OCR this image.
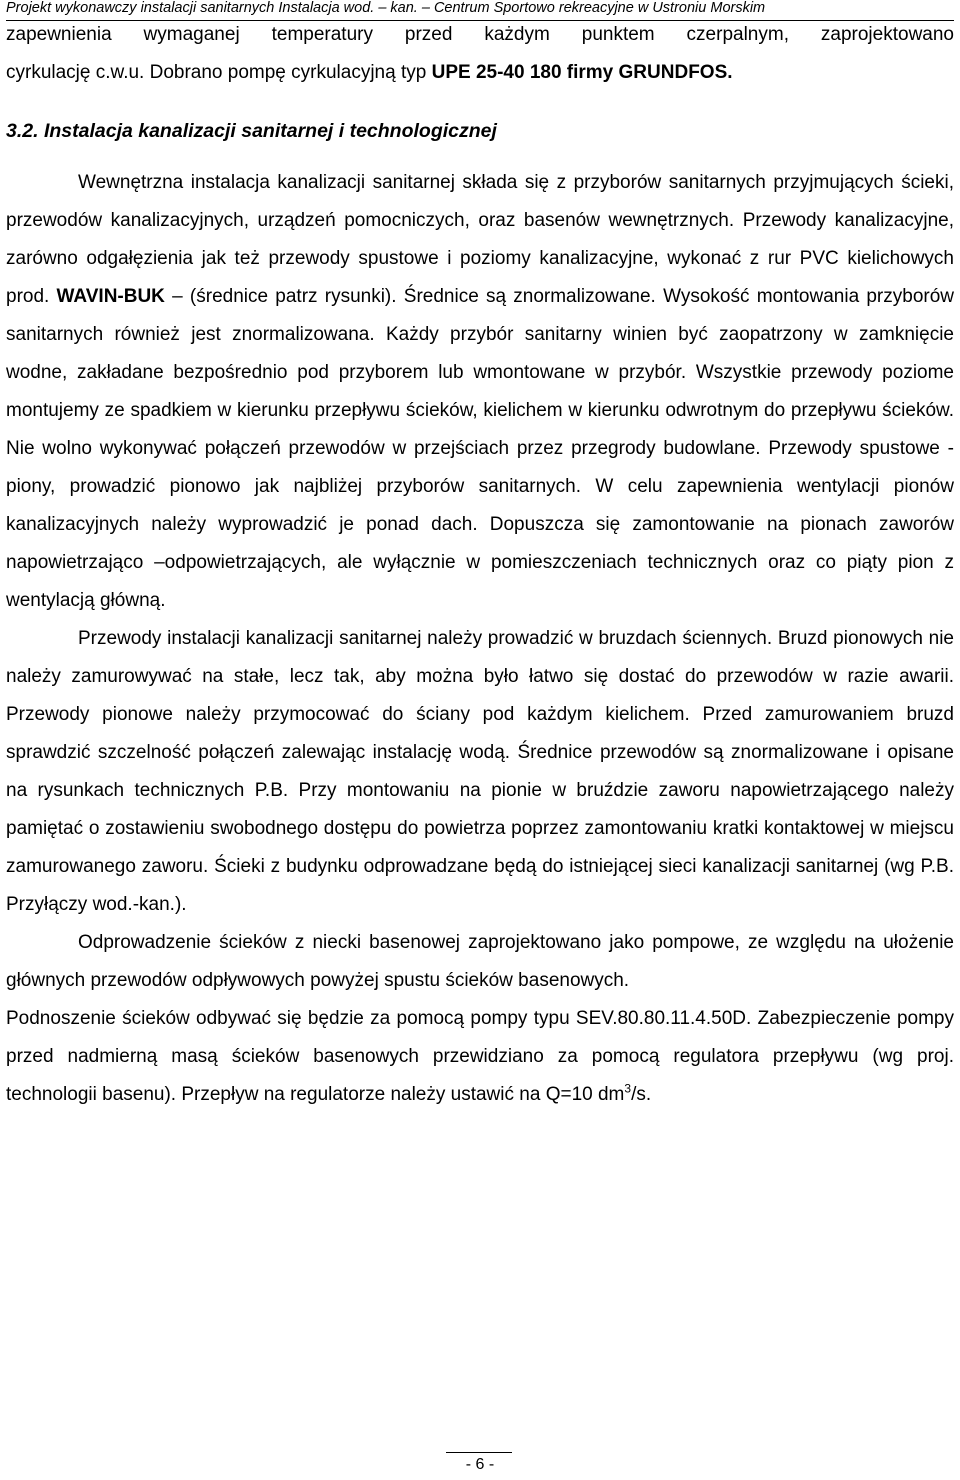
Projekt wykonawczy instalacji sanitarnych Instalacja wod. – kan. – Centrum Sportowo rekreacyjne w Ustroniu Morskim

zapewnienia wymaganej temperatury przed każdym punktem czerpalnym, zaprojektowano
cyrkulację c.w.u. Dobrano pompę cyrkulacyjną typ UPE 25-40 180 firmy GRUNDFOS.

3.2. Instalacja kanalizacji sanitarnej i technologicznej

Wewnętrzna instalacja kanalizacji sanitarnej składa się z przyborów sanitarnych przyjmujących ścieki, przewodów kanalizacyjnych, urządzeń pomocniczych, oraz basenów wewnętrznych. Przewody kanalizacyjne, zarówno odgałęzienia jak też przewody spustowe i poziomy kanalizacyjne, wykonać z rur PVC kielichowych prod. WAVIN-BUK – (średnice patrz rysunki). Średnice są znormalizowane. Wysokość montowania przyborów sanitarnych również jest znormalizowana. Każdy przybór sanitarny winien być zaopatrzony w zamknięcie wodne, zakładane bezpośrednio pod przyborem lub wmontowane w przybór. Wszystkie przewody poziome montujemy ze spadkiem w kierunku przepływu ścieków, kielichem w kierunku odwrotnym do przepływu ścieków. Nie wolno wykonywać połączeń przewodów w przejściach przez przegrody budowlane. Przewody spustowe - piony, prowadzić pionowo jak najbliżej przyborów sanitarnych. W celu zapewnienia wentylacji pionów kanalizacyjnych należy wyprowadzić je ponad dach. Dopuszcza się zamontowanie na pionach zaworów napowietrzająco –odpowietrzających, ale wyłącznie w pomieszczeniach technicznych oraz co piąty pion z wentylacją główną.

Przewody instalacji kanalizacji sanitarnej należy prowadzić w bruzdach ściennych. Bruzd pionowych nie należy zamurowywać na stałe, lecz tak, aby można było łatwo się dostać do przewodów w razie awarii. Przewody pionowe należy przymocować do ściany pod każdym kielichem. Przed zamurowaniem bruzd sprawdzić szczelność połączeń zalewając instalację wodą. Średnice przewodów są znormalizowane i opisane na rysunkach technicznych P.B. Przy montowaniu na pionie w bruździe zaworu napowietrzającego należy pamiętać o zostawieniu swobodnego dostępu do powietrza poprzez zamontowaniu kratki kontaktowej w miejscu zamurowanego zaworu. Ścieki z budynku odprowadzane będą do istniejącej sieci kanalizacji sanitarnej (wg P.B. Przyłączy wod.-kan.).

Odprowadzenie ścieków z niecki basenowej zaprojektowano jako pompowe, ze względu na ułożenie głównych przewodów odpływowych powyżej spustu ścieków basenowych.

Podnoszenie ścieków odbywać się będzie za pomocą pompy typu SEV.80.80.11.4.50D. Zabezpieczenie pompy przed nadmierną masą ścieków basenowych przewidziano za pomocą regulatora przepływu (wg proj. technologii basenu). Przepływ na regulatorze należy ustawić na Q=10 $dm^3/s$.

- 6 -
